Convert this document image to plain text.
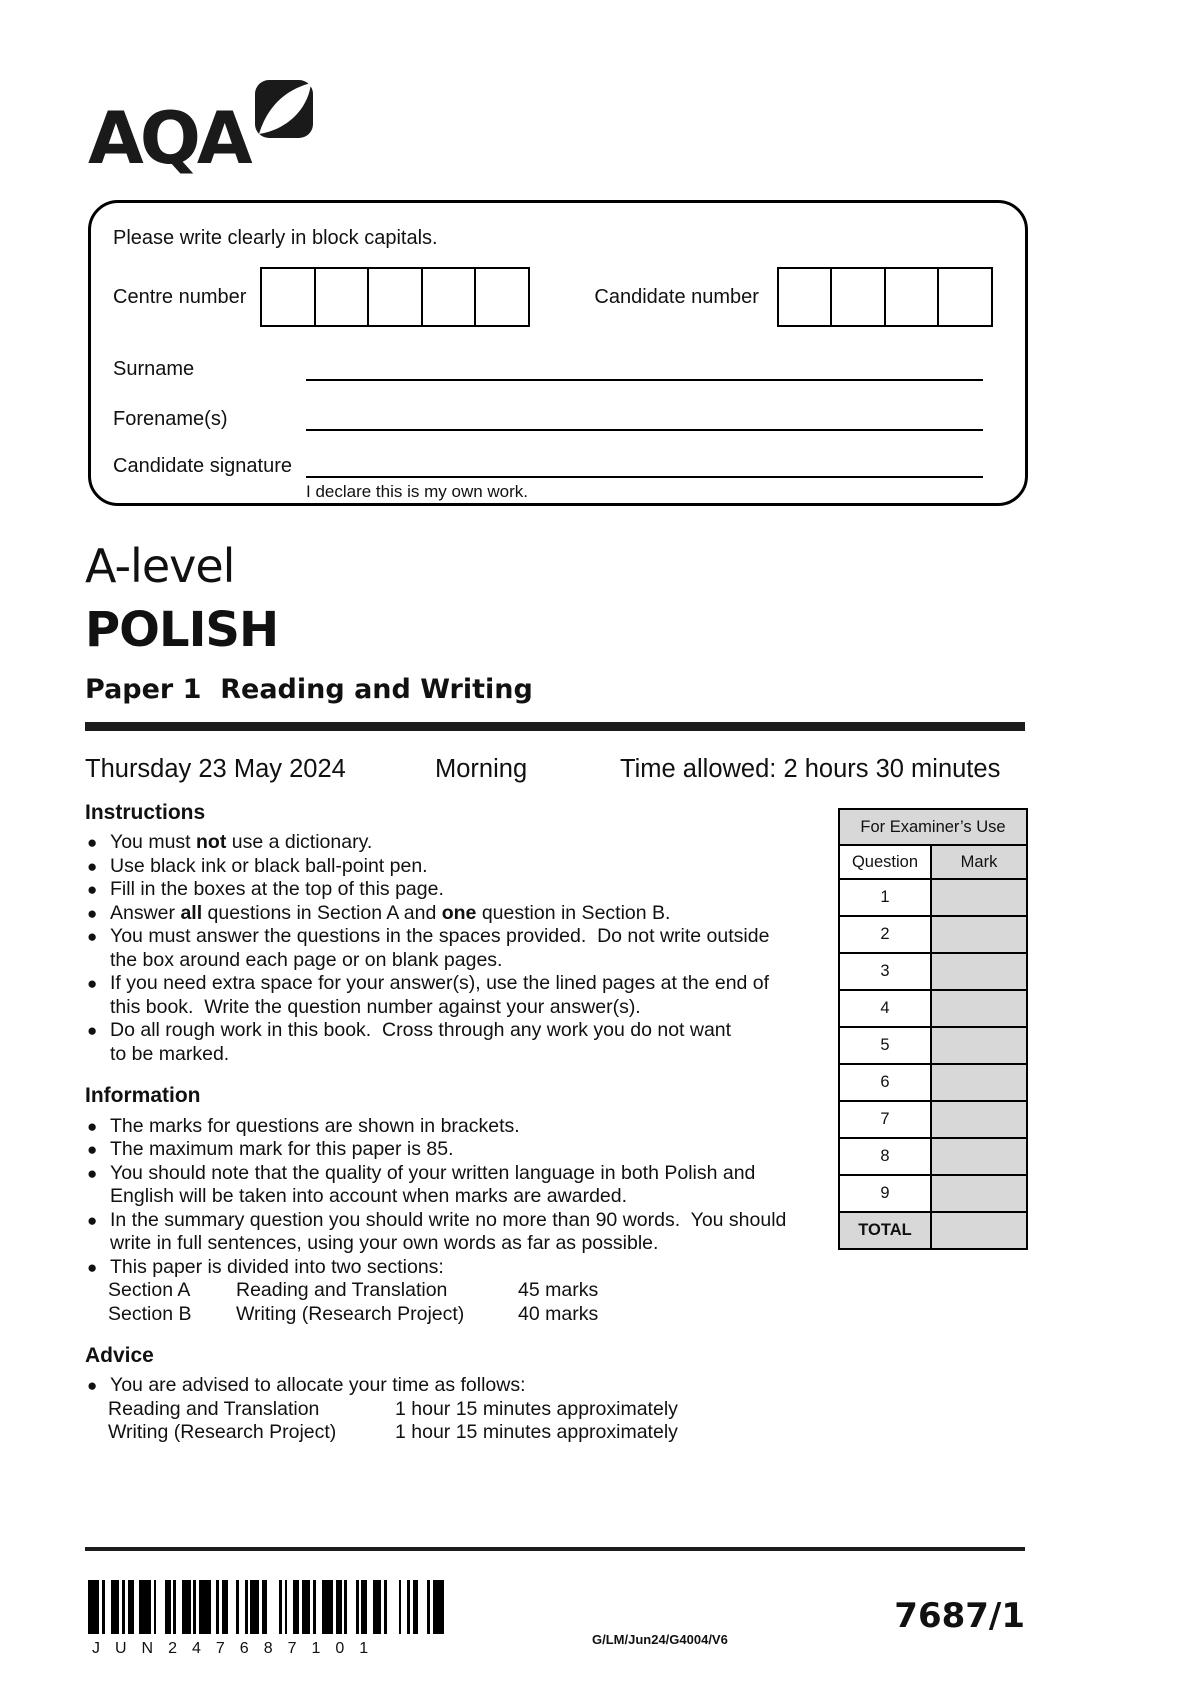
AQA
Please write clearly in block capitals.
Centre number	Candidate number
Surname
Forename(s)
Candidate signature
I declare this is my own work.
A-level
POLISH
Paper 1  Reading and Writing
Thursday 23 May 2024	Morning	Time allowed: 2 hours 30 minutes
Instructions
● You must not use a dictionary.
● Use black ink or black ball-point pen.
● Fill in the boxes at the top of this page.
● Answer all questions in Section A and one question in Section B.
● You must answer the questions in the spaces provided.  Do not write outside
the box around each page or on blank pages.
● If you need extra space for your answer(s), use the lined pages at the end of
this book.  Write the question number against your answer(s).
● Do all rough work in this book.  Cross through any work you do not want
to be marked.
Information
● The marks for questions are shown in brackets.
● The maximum mark for this paper is 85.
● You should note that the quality of your written language in both Polish and
English will be taken into account when marks are awarded.
● In the summary question you should write no more than 90 words.  You should
write in full sentences, using your own words as far as possible.
● This paper is divided into two sections:
Section A	Reading and Translation	45 marks
Section B	Writing (Research Project)	40 marks
Advice
● You are advised to allocate your time as follows:
Reading and Translation	1 hour 15 minutes approximately
Writing (Research Project)	1 hour 15 minutes approximately
For Examiner’s Use	
Question	Mark
1	
2	
3	
4	
5	
6	
7	
8	
9	
TOTAL	
JUN247687101
G/LM/Jun24/G4004/V6
7687/1
